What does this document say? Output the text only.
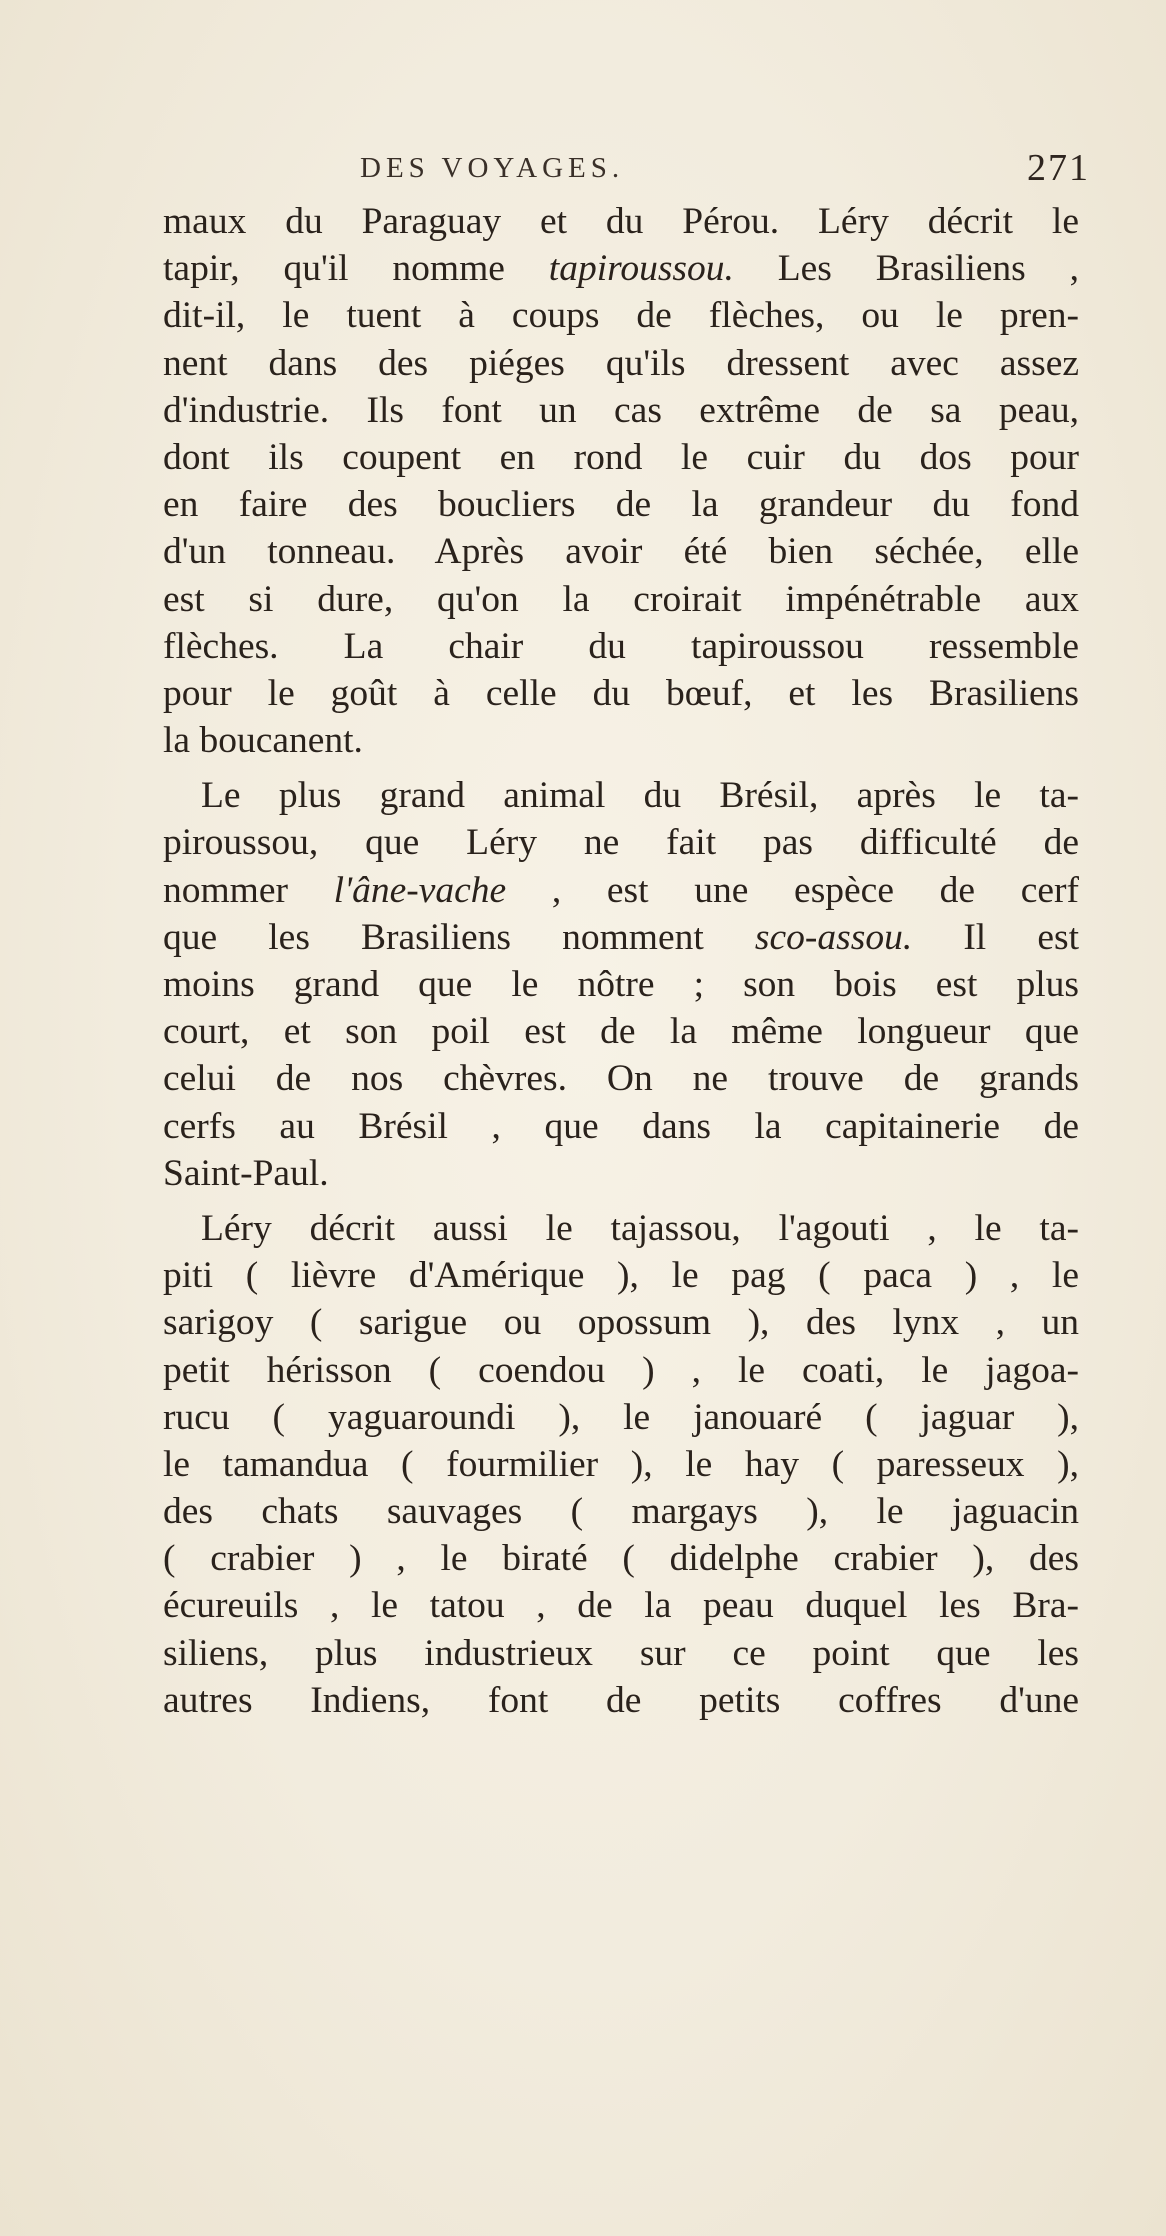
DES VOYAGES.	271
maux du Paraguay et du Pérou. Léry décrit le
tapir, qu'il nomme tapiroussou. Les Brasiliens ,
dit-il, le tuent à coups de flèches, ou le pren-
nent dans des piéges qu'ils dressent avec assez
d'industrie. Ils font un cas extrême de sa peau,
dont ils coupent en rond le cuir du dos pour
en faire des boucliers de la grandeur du fond
d'un tonneau. Après avoir été bien séchée, elle
est si dure, qu'on la croirait impénétrable aux
flèches. La chair du tapiroussou ressemble
pour le goût à celle du bœuf, et les Brasiliens
la boucanent.
Le plus grand animal du Brésil, après le ta-
piroussou, que Léry ne fait pas difficulté de
nommer l'âne-vache , est une espèce de cerf
que les Brasiliens nomment sco-assou. Il est
moins grand que le nôtre ; son bois est plus
court, et son poil est de la même longueur que
celui de nos chèvres. On ne trouve de grands
cerfs au Brésil , que dans la capitainerie de
Saint-Paul.
Léry décrit aussi le tajassou, l'agouti , le ta-
piti ( lièvre d'Amérique ), le pag ( paca ) , le
sarigoy ( sarigue ou opossum ), des lynx , un
petit hérisson ( coendou ) , le coati, le jagoa-
rucu ( yaguaroundi ), le janouaré ( jaguar ),
le tamandua ( fourmilier ), le hay ( paresseux ),
des chats sauvages ( margays ), le jaguacin
( crabier ) , le biraté ( didelphe crabier ), des
écureuils , le tatou , de la peau duquel les Bra-
siliens, plus industrieux sur ce point que les
autres Indiens, font de petits coffres d'une
